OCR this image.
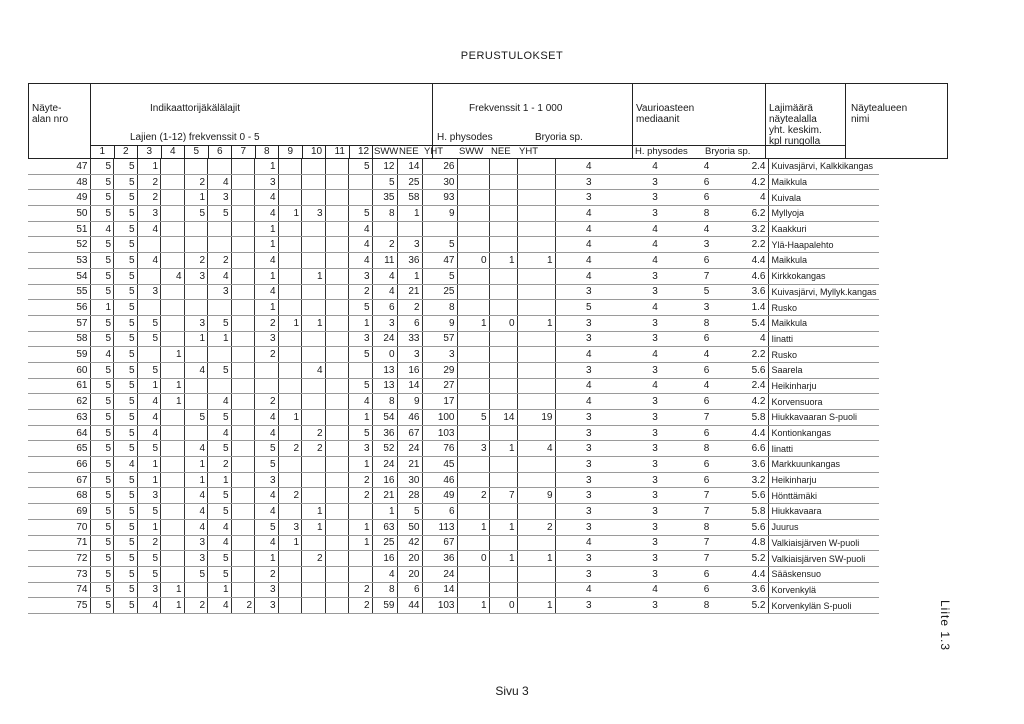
PERUSTULOKSET
Näyte-
alan nro
Indikaattorijäkälälajit
Lajien (1-12) frekvenssit 0 - 5
Frekvenssit 1 - 1 000
H. physodes	Bryoria sp.
Vaurioasteen
mediaanit
H. physodes Bryoria sp.
Lajimäärä
näytealalla
yht. keskim.
kpl rungolla
Näytealueen
nimi
1 2 3 4 5 6 7 8 9 10 11 12 SWW NEE YHT SWW NEE YHT
47	5	5	1					1				5	12	14	26				4	4	4	2.4	Kuivasjärvi, Kalkkikangas
48	5	5	2		2	4		3					5	25	30				3	3	6	4.2	Maikkula
49	5	5	2		1	3		4					35	58	93				3	3	6	4	Kuivala
50	5	5	3		5	5		4	1	3		5	8	1	9				4	3	8	6.2	Myllyoja
51	4	5	4					1				4							4	4	4	3.2	Kaakkuri
52	5	5						1				4	2	3	5				4	4	3	2.2	Ylä-Haapalehto
53	5	5	4		2	2		4				4	11	36	47	0	1	1	4	4	6	4.4	Maikkula
54	5	5		4	3	4		1		1		3	4	1	5				4	3	7	4.6	Kirkkokangas
55	5	5	3			3		4				2	4	21	25				3	3	5	3.6	Kuivasjärvi, Myllyk.kangas
56	1	5						1				5	6	2	8				5	4	3	1.4	Rusko
57	5	5	5		3	5		2	1	1		1	3	6	9	1	0	1	3	3	8	5.4	Maikkula
58	5	5	5		1	1		3				3	24	33	57				3	3	6	4	Iinatti
59	4	5		1				2				5	0	3	3				4	4	4	2.2	Rusko
60	5	5	5		4	5				4			13	16	29				3	3	6	5.6	Saarela
61	5	5	1	1								5	13	14	27				4	4	4	2.4	Heikinharju
62	5	5	4	1		4		2				4	8	9	17				4	3	6	4.2	Korvensuora
63	5	5	4		5	5		4	1			1	54	46	100	5	14	19	3	3	7	5.8	Hiukkavaaran S-puoli
64	5	5	4			4		4		2		5	36	67	103				3	3	6	4.4	Kontionkangas
65	5	5	5		4	5		5	2	2		3	52	24	76	3	1	4	3	3	8	6.6	Iinatti
66	5	4	1		1	2		5				1	24	21	45				3	3	6	3.6	Markkuunkangas
67	5	5	1		1	1		3				2	16	30	46				3	3	6	3.2	Heikinharju
68	5	5	3		4	5		4	2			2	21	28	49	2	7	9	3	3	7	5.6	Hönttämäki
69	5	5	5		4	5		4		1			1	5	6				3	3	7	5.8	Hiukkavaara
70	5	5	1		4	4		5	3	1		1	63	50	113	1	1	2	3	3	8	5.6	Juurus
71	5	5	2		3	4		4	1			1	25	42	67				4	3	7	4.8	Valkiaisjärven W-puoli
72	5	5	5		3	5		1		2			16	20	36	0	1	1	3	3	7	5.2	Valkiaisjärven SW-puoli
73	5	5	5		5	5		2					4	20	24				3	3	6	4.4	Sääskensuo
74	5	5	3	1		1		3				2	8	6	14				4	4	6	3.6	Korvenkylä
75	5	5	4	1	2	4	2	3				2	59	44	103	1	0	1	3	3	8	5.2	Korvenkylän S-puoli
Sivu 3
Liite 1.3
